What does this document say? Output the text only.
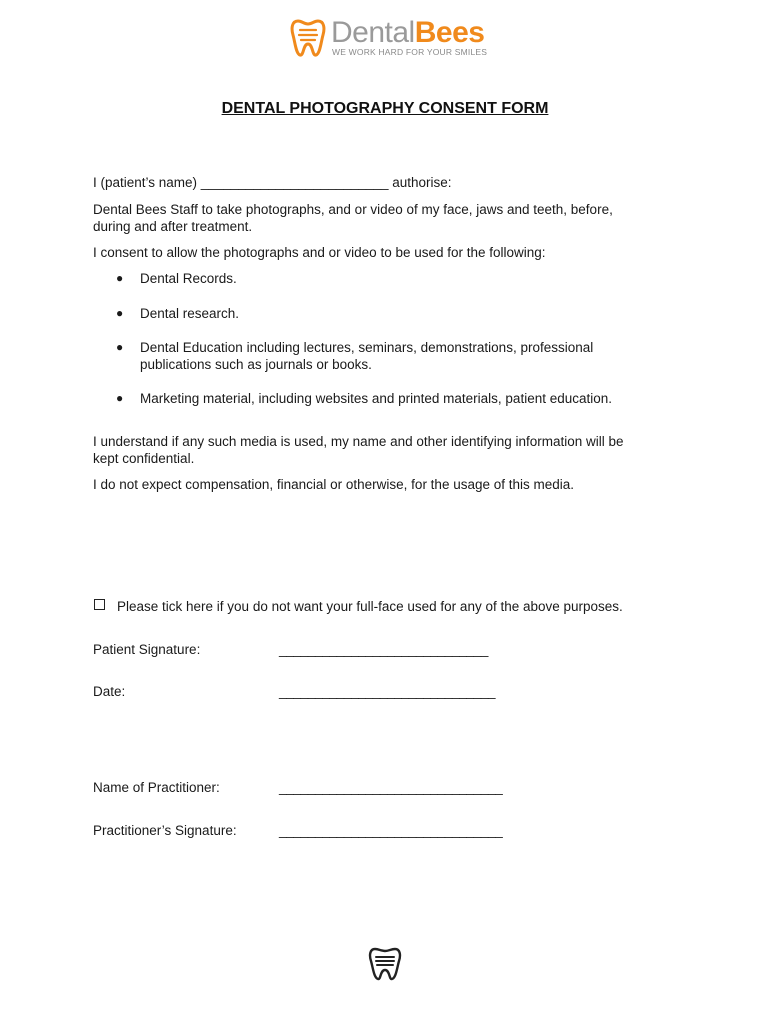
DentalBees
WE WORK HARD FOR YOUR SMILES
DENTAL PHOTOGRAPHY CONSENT FORM

I (patient’s name) _________________________ authorise:

Dental Bees Staff to take photographs, and or video of my face, jaws and teeth, before,

during and after treatment.

I consent to allow the photographs and or video to be used for the following:

● Dental Records.
● Dental research.
● Dental Education including lectures, seminars, demonstrations, professional
publications such as journals or books.
● Marketing material, including websites and printed materials, patient education.

I understand if any such media is used, my name and other identifying information will be

kept confidential.

I do not expect compensation, financial or otherwise, for the usage of this media.

Please tick here if you do not want your full-face used for any of the above purposes.

Patient Signature:	_____________________________
Date:	______________________________
Name of Practitioner:	_______________________________
Practitioner’s Signature:	_______________________________
